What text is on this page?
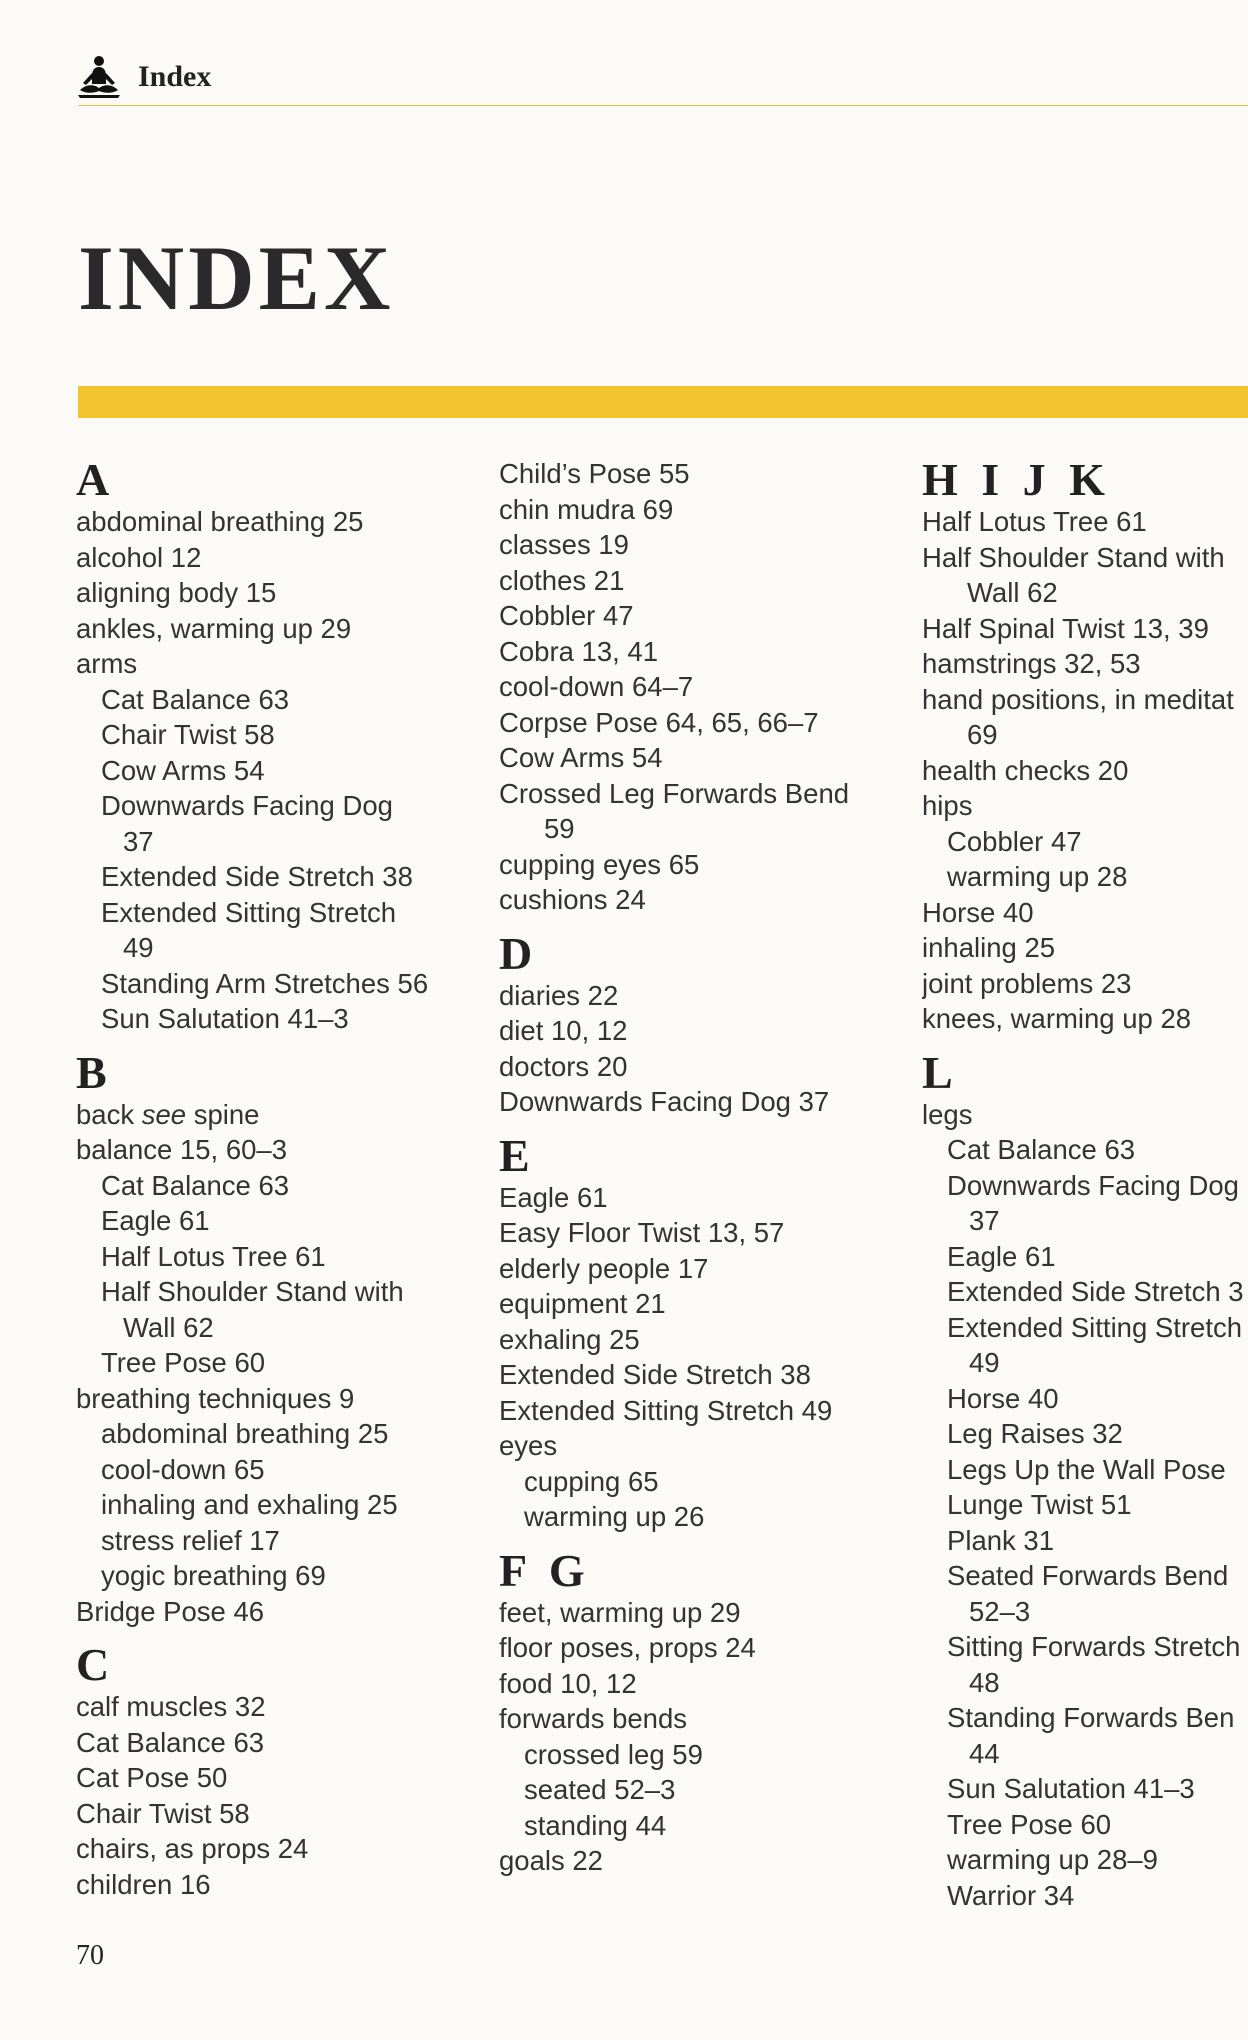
Index
INDEX
A
abdominal breathing 25
alcohol 12
aligning body 15
ankles, warming up 29
arms
Cat Balance 63
Chair Twist 58
Cow Arms 54
Downwards Facing Dog
37
Extended Side Stretch 38
Extended Sitting Stretch
49
Standing Arm Stretches 56
Sun Salutation 41–3
B
back see spine
balance 15, 60–3
Cat Balance 63
Eagle 61
Half Lotus Tree 61
Half Shoulder Stand with
Wall 62
Tree Pose 60
breathing techniques 9
abdominal breathing 25
cool-down 65
inhaling and exhaling 25
stress relief 17
yogic breathing 69
Bridge Pose 46
C
calf muscles 32
Cat Balance 63
Cat Pose 50
Chair Twist 58
chairs, as props 24
children 16
Child’s Pose 55
chin mudra 69
classes 19
clothes 21
Cobbler 47
Cobra 13, 41
cool-down 64–7
Corpse Pose 64, 65, 66–7
Cow Arms 54
Crossed Leg Forwards Bend
59
cupping eyes 65
cushions 24
D
diaries 22
diet 10, 12
doctors 20
Downwards Facing Dog 37
E
Eagle 61
Easy Floor Twist 13, 57
elderly people 17
equipment 21
exhaling 25
Extended Side Stretch 38
Extended Sitting Stretch 49
eyes
cupping 65
warming up 26
F G
feet, warming up 29
floor poses, props 24
food 10, 12
forwards bends
crossed leg 59
seated 52–3
standing 44
goals 22
H I J K
Half Lotus Tree 61
Half Shoulder Stand with
Wall 62
Half Spinal Twist 13, 39
hamstrings 32, 53
hand positions, in meditat
69
health checks 20
hips
Cobbler 47
warming up 28
Horse 40
inhaling 25
joint problems 23
knees, warming up 28
L
legs
Cat Balance 63
Downwards Facing Dog
37
Eagle 61
Extended Side Stretch 3
Extended Sitting Stretch
49
Horse 40
Leg Raises 32
Legs Up the Wall Pose
Lunge Twist 51
Plank 31
Seated Forwards Bend
52–3
Sitting Forwards Stretch
48
Standing Forwards Ben
44
Sun Salutation 41–3
Tree Pose 60
warming up 28–9
Warrior 34
70
